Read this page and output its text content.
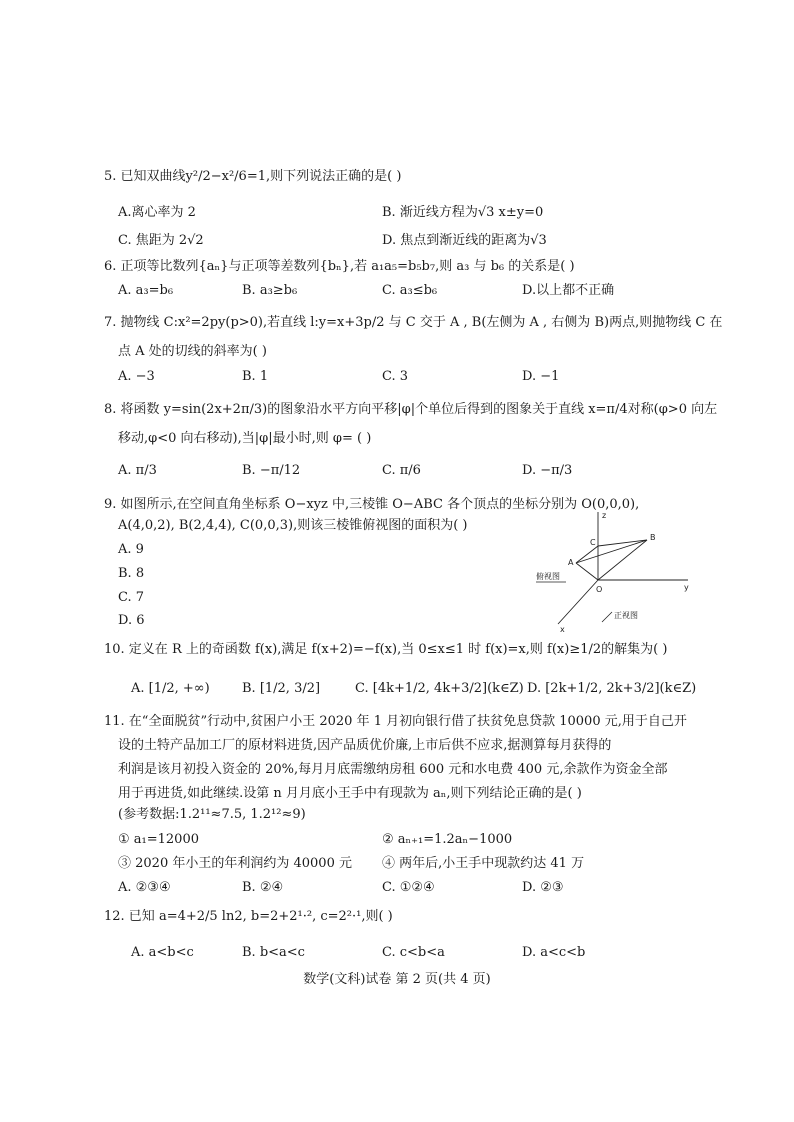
5. 已知双曲线y²/2−x²/6=1,则下列说法正确的是( )
A.离心率为 2	B. 渐近线方程为√3 x±y=0
C. 焦距为 2√2	D. 焦点到渐近线的距离为√3
6. 正项等比数列{aₙ}与正项等差数列{bₙ},若 a₁a₅=b₅b₇,则 a₃ 与 b₆ 的关系是( )
A. a₃=b₆	B. a₃≥b₆	C. a₃≤b₆	D.以上都不正确
7. 抛物线 C:x²=2py(p>0),若直线 l:y=x+3p/2 与 C 交于 A , B(左侧为 A , 右侧为 B)两点,则抛物线 C 在
点 A 处的切线的斜率为( )
A. −3	B. 1	C. 3	D. −1
8. 将函数 y=sin(2x+2π/3)的图象沿水平方向平移|φ|个单位后得到的图象关于直线 x=π/4对称(φ>0 向左
移动,φ<0 向右移动),当|φ|最小时,则 φ= ( )
A. π/3	B. −π/12	C. π/6	D. −π/3
9. 如图所示,在空间直角坐标系 O−xyz 中,三棱锥 O−ABC 各个顶点的坐标分别为 O(0,0,0),
A(4,0,2), B(2,4,4), C(0,0,3),则该三棱锥俯视图的面积为( )
A. 9
B. 8
C. 7
D. 6
z
y
x
O
A
B
C
俯视图
正视图
10. 定义在 R 上的奇函数 f(x),满足 f(x+2)=−f(x),当 0≤x≤1 时 f(x)=x,则 f(x)≥1/2的解集为( )
A. [1/2, +∞) B. [1/2, 3/2]	C. [4k+1/2, 4k+3/2](k∈Z) D. [2k+1/2, 2k+3/2](k∈Z)
11. 在“全面脱贫”行动中,贫困户小王 2020 年 1 月初向银行借了扶贫免息贷款 10000 元,用于自己开
设的土特产品加工厂的原材料进货,因产品质优价廉,上市后供不应求,据测算每月获得的
利润是该月初投入资金的 20%,每月月底需缴纳房租 600 元和水电费 400 元,余款作为资金全部
用于再进货,如此继续.设第 n 月月底小王手中有现款为 aₙ,则下列结论正确的是( )
(参考数据:1.2¹¹≈7.5, 1.2¹²≈9)
① a₁=12000	② aₙ₊₁=1.2aₙ−1000
③ 2020 年小王的年利润约为 40000 元 ④ 两年后,小王手中现款约达 41 万
A. ②③④	B. ②④	C. ①②④	D. ②③
12. 已知 a=4+2/5 ln2, b=2+2¹·², c=2²·¹,则( )
A. a<b<c	B. b<a<c	C. c<b<a	D. a<c<b
数学(文科)试卷 第 2 页(共 4 页)
